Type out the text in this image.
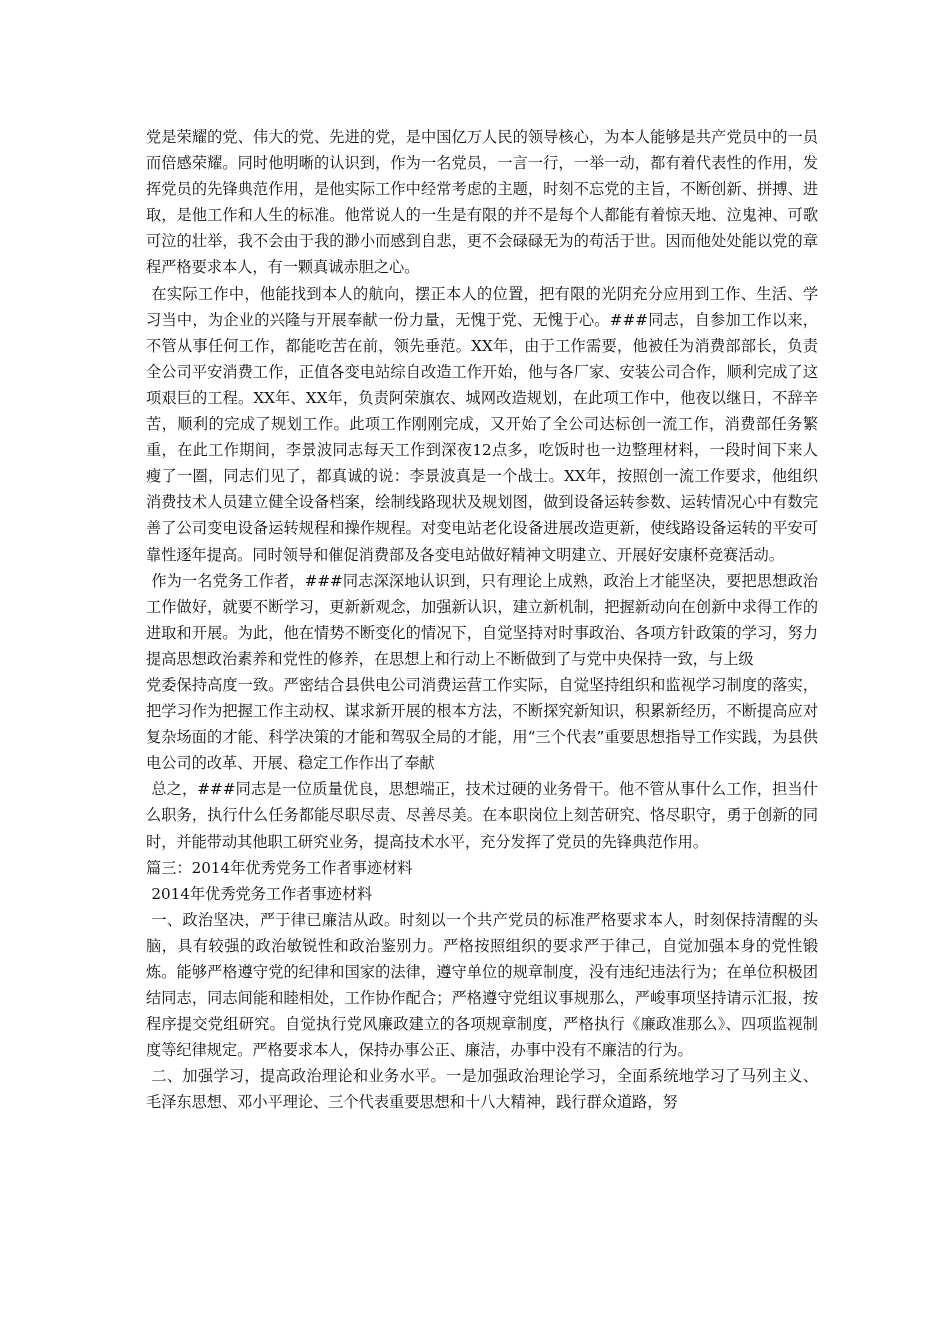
党是荣耀的党、伟大的党、先进的党，是中国亿万人民的领导核心，为本人能够是共产党员中的一员而倍感荣耀。同时他明晰的认识到，作为一名党员，一言一行，一举一动，都有着代表性的作用，发挥党员的先锋典范作用，是他实际工作中经常考虑的主题，时刻不忘党的主旨，不断创新、拼搏、进取，是他工作和人生的标准。他常说人的一生是有限的并不是每个人都能有着惊天地、泣鬼神、可歌可泣的壮举，我不会由于我的渺小而感到自悲，更不会碌碌无为的苟活于世。因而他处处能以党的章程严格要求本人，有一颗真诚赤胆之心。

在实际工作中，他能找到本人的航向，摆正本人的位置，把有限的光阴充分应用到工作、生活、学习当中，为企业的兴隆与开展奉献一份力量，无愧于党、无愧于心。###同志，自参加工作以来，不管从事任何工作，都能吃苦在前，领先垂范。XX年，由于工作需要，他被任为消费部部长，负责全公司平安消费工作，正值各变电站综自改造工作开始，他与各厂家、安装公司合作，顺利完成了这项艰巨的工程。XX年、XX年，负责阿荣旗农、城网改造规划，在此项工作中，他夜以继日，不辞辛苦，顺利的完成了规划工作。此项工作刚刚完成，又开始了全公司达标创一流工作，消费部任务繁重，在此工作期间，李景波同志每天工作到深夜12点多，吃饭时也一边整理材料，一段时间下来人瘦了一圈，同志们见了，都真诚的说：李景波真是一个战士。XX年，按照创一流工作要求，他组织消费技术人员建立健全设备档案，绘制线路现状及规划图，做到设备运转参数、运转情况心中有数完善了公司变电设备运转规程和操作规程。对变电站老化设备进展改造更新，使线路设备运转的平安可靠性逐年提高。同时领导和催促消费部及各变电站做好精神文明建立、开展好安康杯竞赛活动。

作为一名党务工作者，###同志深深地认识到，只有理论上成熟，政治上才能坚决，要把思想政治工作做好，就要不断学习，更新新观念，加强新认识，建立新机制，把握新动向在创新中求得工作的进取和开展。为此，他在情势不断变化的情况下，自觉坚持对时事政治、各项方针政策的学习，努力提高思想政治素养和党性的修养，在思想上和行动上不断做到了与党中央保持一致，与上级

党委保持高度一致。严密结合县供电公司消费运营工作实际，自觉坚持组织和监视学习制度的落实，把学习作为把握工作主动权、谋求新开展的根本方法，不断探究新知识，积累新经历，不断提高应对复杂场面的才能、科学决策的才能和驾驭全局的才能，用“三个代表”重要思想指导工作实践，为县供电公司的改革、开展、稳定工作作出了奉献

总之，###同志是一位质量优良，思想端正，技术过硬的业务骨干。他不管从事什么工作，担当什么职务，执行什么任务都能尽职尽责、尽善尽美。在本职岗位上刻苦研究、恪尽职守，勇于创新的同时，并能带动其他职工研究业务，提高技术水平，充分发挥了党员的先锋典范作用。

篇三：2014年优秀党务工作者事迹材料

2014年优秀党务工作者事迹材料

一、政治坚决，严于律已廉洁从政。时刻以一个共产党员的标准严格要求本人，时刻保持清醒的头脑，具有较强的政治敏锐性和政治鉴别力。严格按照组织的要求严于律己，自觉加强本身的党性锻炼。能够严格遵守党的纪律和国家的法律，遵守单位的规章制度，没有违纪违法行为；在单位积极团结同志，同志间能和睦相处，工作协作配合；严格遵守党组议事规那么，严峻事项坚持请示汇报，按程序提交党组研究。自觉执行党风廉政建立的各项规章制度，严格执行《廉政准那么》、四项监视制度等纪律规定。严格要求本人，保持办事公正、廉洁，办事中没有不廉洁的行为。

二、加强学习，提高政治理论和业务水平。一是加强政治理论学习，全面系统地学习了马列主义、毛泽东思想、邓小平理论、三个代表重要思想和十八大精神，践行群众道路，努
